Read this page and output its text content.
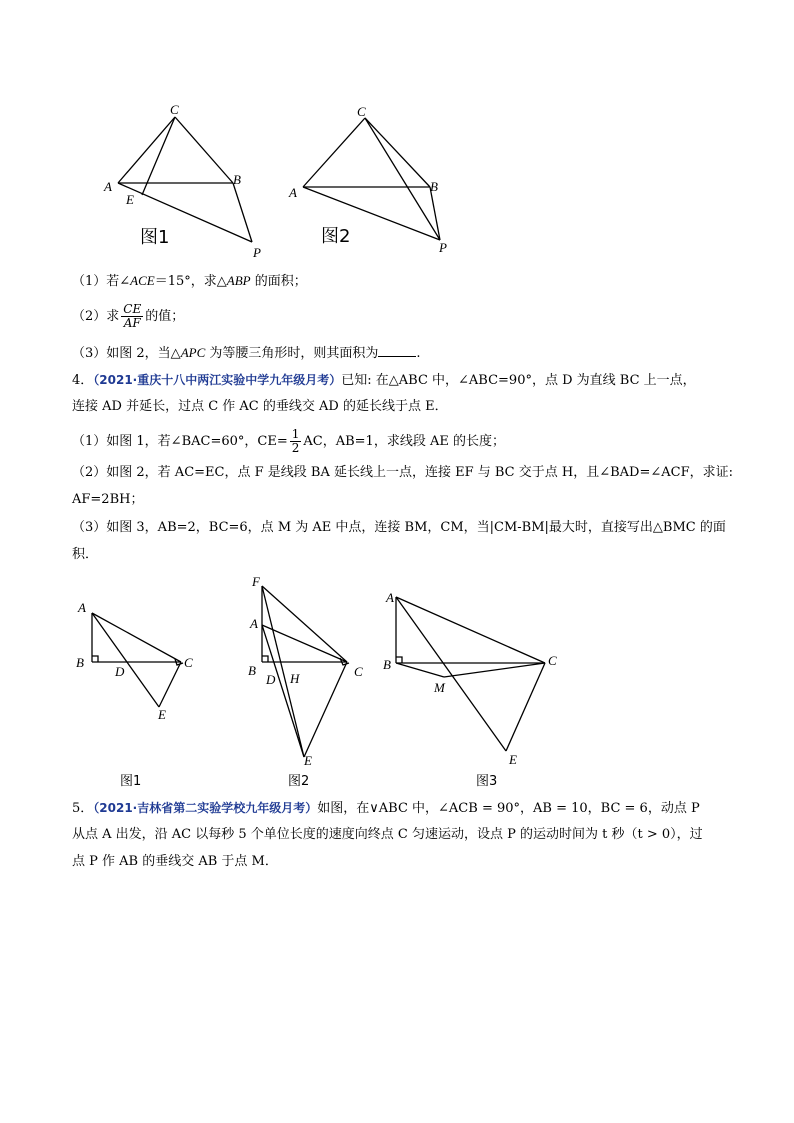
C
A	B
E
P
图1
C
A	B
P
图2
（1）若∠ACE＝15°，求△ABP 的面积；
（2）求 $\frac{CE}{AF}$ 的值；
（3）如图 2，当△APC 为等腰三角形时，则其面积为	.
4．（2021·重庆十八中两江实验中学九年级月考）已知: 在△ABC 中，∠ABC=90°，点 D 为直线 BC 上一点，
连接 AD 并延长，过点 C 作 AC 的垂线交 AD 的延长线于点 E．
（1）如图 1，若∠BAC=60°，$CE= \frac{1}{2}$ AC，AB=1，求线段 AE 的长度；
（2）如图 2，若 AC=EC，点 F 是线段 BA 延长线上一点，连接 EF 与 BC 交于点 H，且∠BAD=∠ACF，求证:
AF=2BH；
（3）如图 3，AB=2，BC=6，点 M 为 AE 中点，连接 BM，CM，当|CM-BM|最大时，直接写出△BMC 的面
积．
A
B
D
C
E
图1
F
A
B
D H	C
E
图2
A
B
M
C
E
图3
5．（2021·吉林省第二实验学校九年级月考）如图，在∨ABC 中，∠ACB = 90°，AB = 10，BC = 6，动点 P
从点 A 出发，沿 AC 以每秒 5 个单位长度的速度向终点 C 匀速运动，设点 P 的运动时间为 t 秒（t > 0），过
点 P 作 AB 的垂线交 AB 于点 M．
